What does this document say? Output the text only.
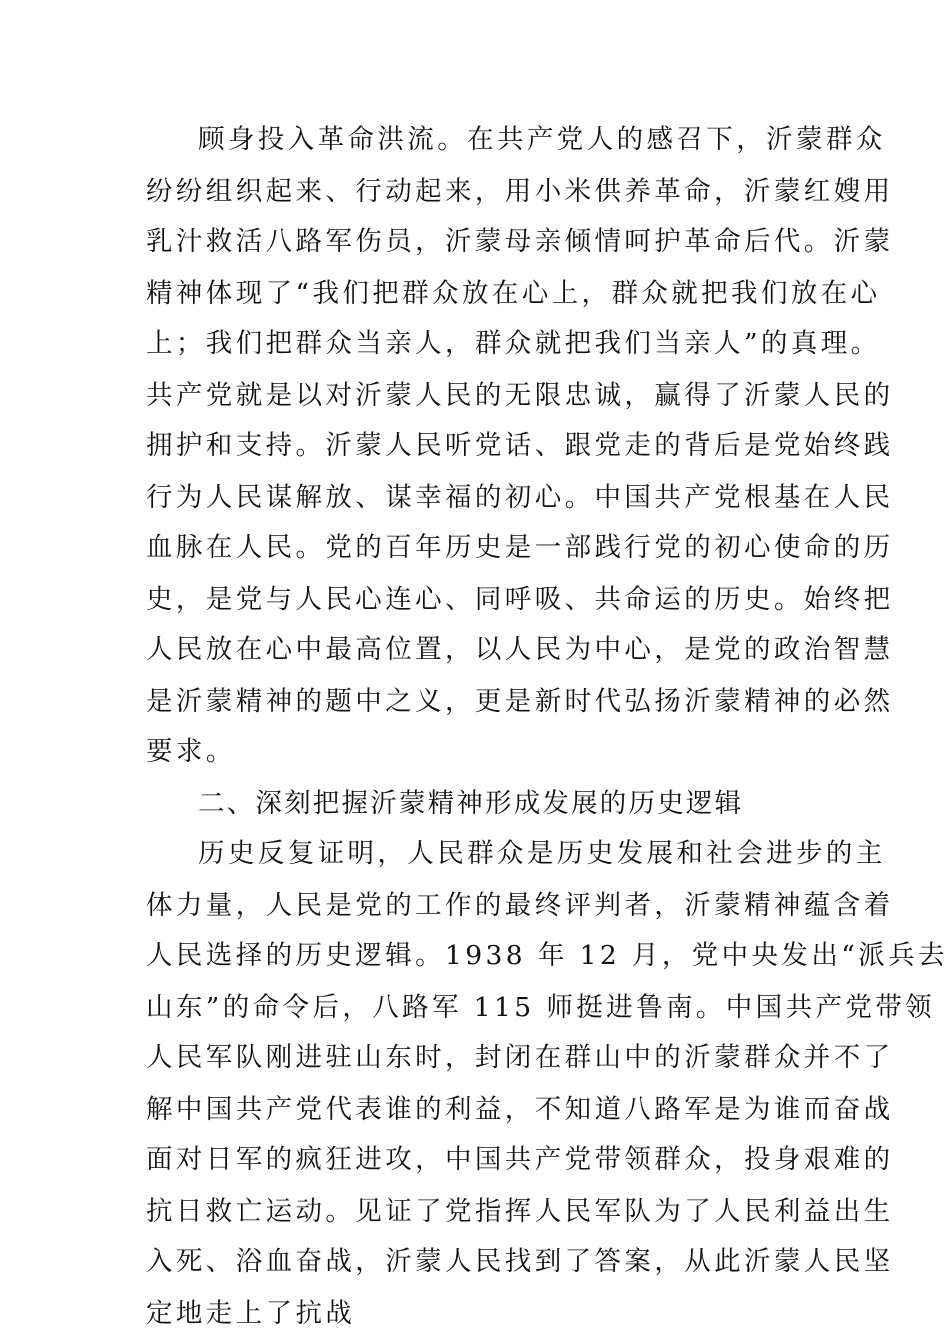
顾身投入革命洪流。在共产党人的感召下，沂蒙群众
纷纷组织起来、行动起来，用小米供养革命，沂蒙红嫂用
乳汁救活八路军伤员，沂蒙母亲倾情呵护革命后代。沂蒙
精神体现了“我们把群众放在心上，群众就把我们放在心
上；我们把群众当亲人，群众就把我们当亲人”的真理。
共产党就是以对沂蒙人民的无限忠诚，赢得了沂蒙人民的
拥护和支持。沂蒙人民听党话、跟党走的背后是党始终践
行为人民谋解放、谋幸福的初心。中国共产党根基在人民
血脉在人民。党的百年历史是一部践行党的初心使命的历
史，是党与人民心连心、同呼吸、共命运的历史。始终把
人民放在心中最高位置，以人民为中心，是党的政治智慧
是沂蒙精神的题中之义，更是新时代弘扬沂蒙精神的必然
要求。
二、深刻把握沂蒙精神形成发展的历史逻辑
历史反复证明，人民群众是历史发展和社会进步的主
体力量，人民是党的工作的最终评判者，沂蒙精神蕴含着
人民选择的历史逻辑。1938 年 12 月，党中央发出“派兵去
山东”的命令后，八路军 115 师挺进鲁南。中国共产党带领
人民军队刚进驻山东时，封闭在群山中的沂蒙群众并不了
解中国共产党代表谁的利益，不知道八路军是为谁而奋战
面对日军的疯狂进攻，中国共产党带领群众，投身艰难的
抗日救亡运动。见证了党指挥人民军队为了人民利益出生
入死、浴血奋战，沂蒙人民找到了答案，从此沂蒙人民坚
定地走上了抗战
